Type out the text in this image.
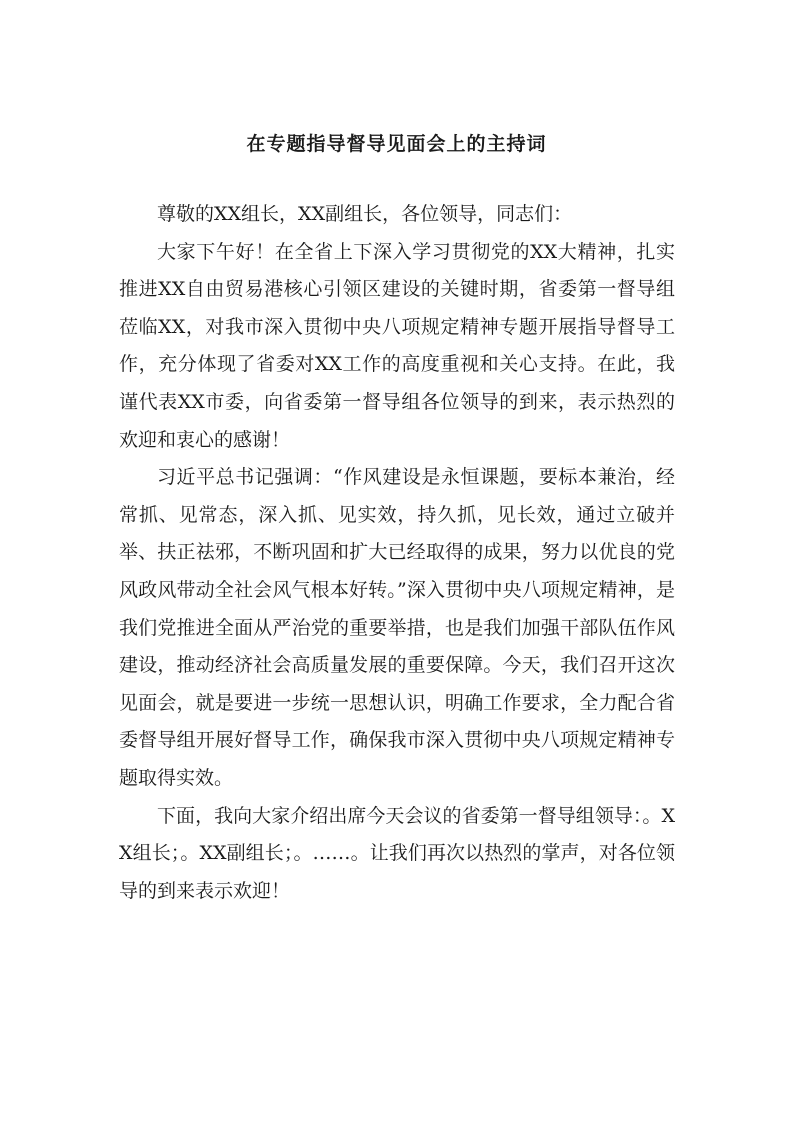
在专题指导督导见面会上的主持词

尊敬的XX组长，XX副组长，各位领导，同志们：

大家下午好！在全省上下深入学习贯彻党的XX大精神，扎实推进XX自由贸易港核心引领区建设的关键时期，省委第一督导组莅临XX，对我市深入贯彻中央八项规定精神专题开展指导督导工作，充分体现了省委对XX工作的高度重视和关心支持。在此，我谨代表XX市委，向省委第一督导组各位领导的到来，表示热烈的欢迎和衷心的感谢！

习近平总书记强调：“作风建设是永恒课题，要标本兼治，经常抓、见常态，深入抓、见实效，持久抓，见长效，通过立破并举、扶正祛邪，不断巩固和扩大已经取得的成果，努力以优良的党风政风带动全社会风气根本好转。”深入贯彻中央八项规定精神，是我们党推进全面从严治党的重要举措，也是我们加强干部队伍作风建设，推动经济社会高质量发展的重要保障。今天，我们召开这次见面会，就是要进一步统一思想认识，明确工作要求，全力配合省委督导组开展好督导工作，确保我市深入贯彻中央八项规定精神专题取得实效。

下面，我向大家介绍出席今天会议的省委第一督导组领导：。XX组长；。XX副组长；。……。让我们再次以热烈的掌声，对各位领导的到来表示欢迎！
